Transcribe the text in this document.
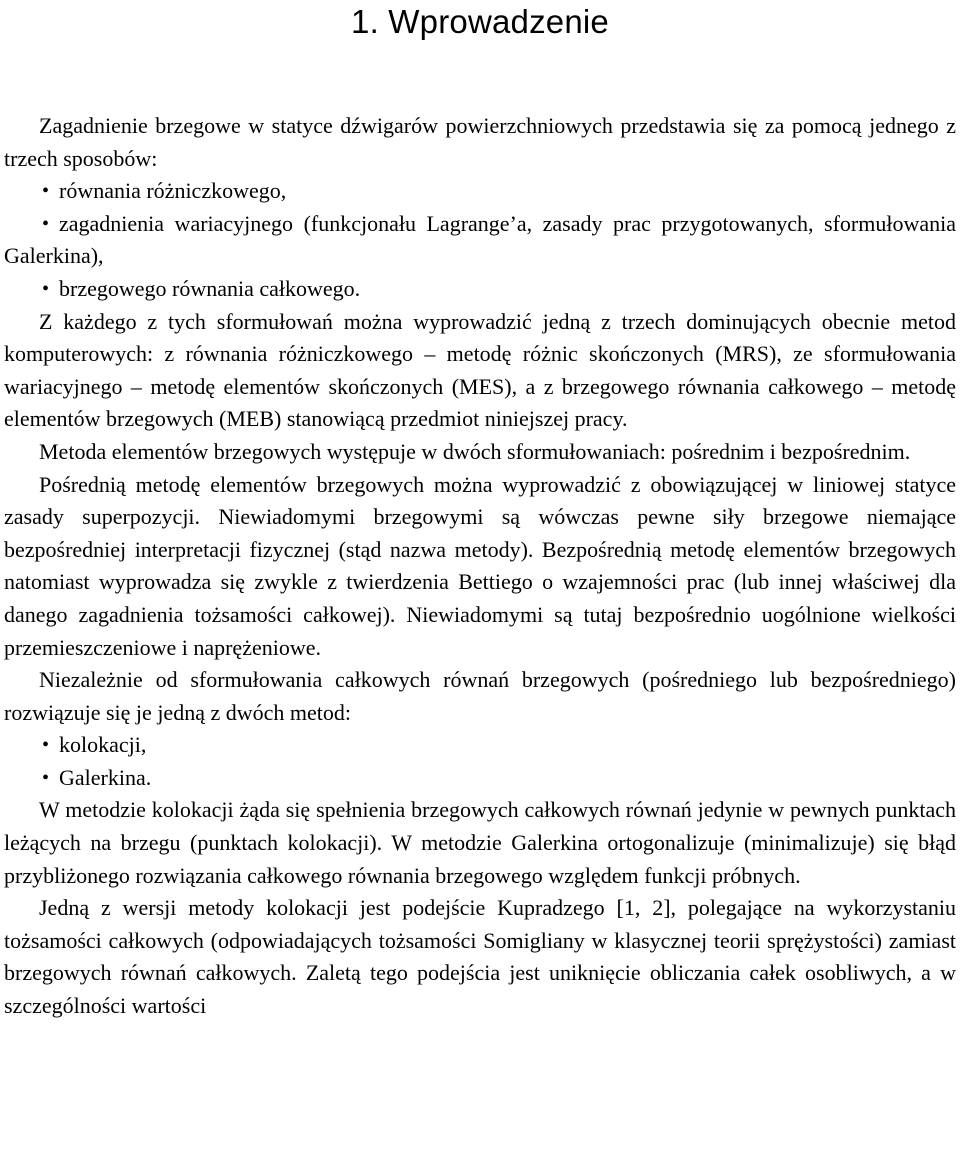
1. Wprowadzenie

Zagadnienie brzegowe w statyce dźwigarów powierzchniowych przedstawia się za pomocą jednego z trzech sposobów:

• równania różniczkowego,
• zagadnienia wariacyjnego (funkcjonału Lagrange’a, zasady prac przygotowanych, sformułowania Galerkina),
• brzegowego równania całkowego.

Z każdego z tych sformułowań można wyprowadzić jedną z trzech dominujących obecnie metod komputerowych: z równania różniczkowego – metodę różnic skończonych (MRS), ze sformułowania wariacyjnego – metodę elementów skończonych (MES), a z brzegowego równania całkowego – metodę elementów brzegowych (MEB) stanowiącą przedmiot niniejszej pracy.

Metoda elementów brzegowych występuje w dwóch sformułowaniach: pośrednim i bezpośrednim.

Pośrednią metodę elementów brzegowych można wyprowadzić z obowiązującej w liniowej statyce zasady superpozycji. Niewiadomymi brzegowymi są wówczas pewne siły brzegowe niemające bezpośredniej interpretacji fizycznej (stąd nazwa metody). Bezpośrednią metodę elementów brzegowych natomiast wyprowadza się zwykle z twierdzenia Bettiego o wzajemności prac (lub innej właściwej dla danego zagadnienia tożsamości całkowej). Niewiadomymi są tutaj bezpośrednio uogólnione wielkości przemieszczeniowe i naprężeniowe.

Niezależnie od sformułowania całkowych równań brzegowych (pośredniego lub bezpośredniego) rozwiązuje się je jedną z dwóch metod:

• kolokacji,
• Galerkina.

W metodzie kolokacji żąda się spełnienia brzegowych całkowych równań jedynie w pewnych punktach leżących na brzegu (punktach kolokacji). W metodzie Galerkina ortogonalizuje (minimalizuje) się błąd przybliżonego rozwiązania całkowego równania brzegowego względem funkcji próbnych.

Jedną z wersji metody kolokacji jest podejście Kupradzego [1, 2], polegające na wykorzystaniu tożsamości całkowych (odpowiadających tożsamości Somigliany w klasycznej teorii sprężystości) zamiast brzegowych równań całkowych. Zaletą tego podejścia jest uniknięcie obliczania całek osobliwych, a w szczególności wartości
